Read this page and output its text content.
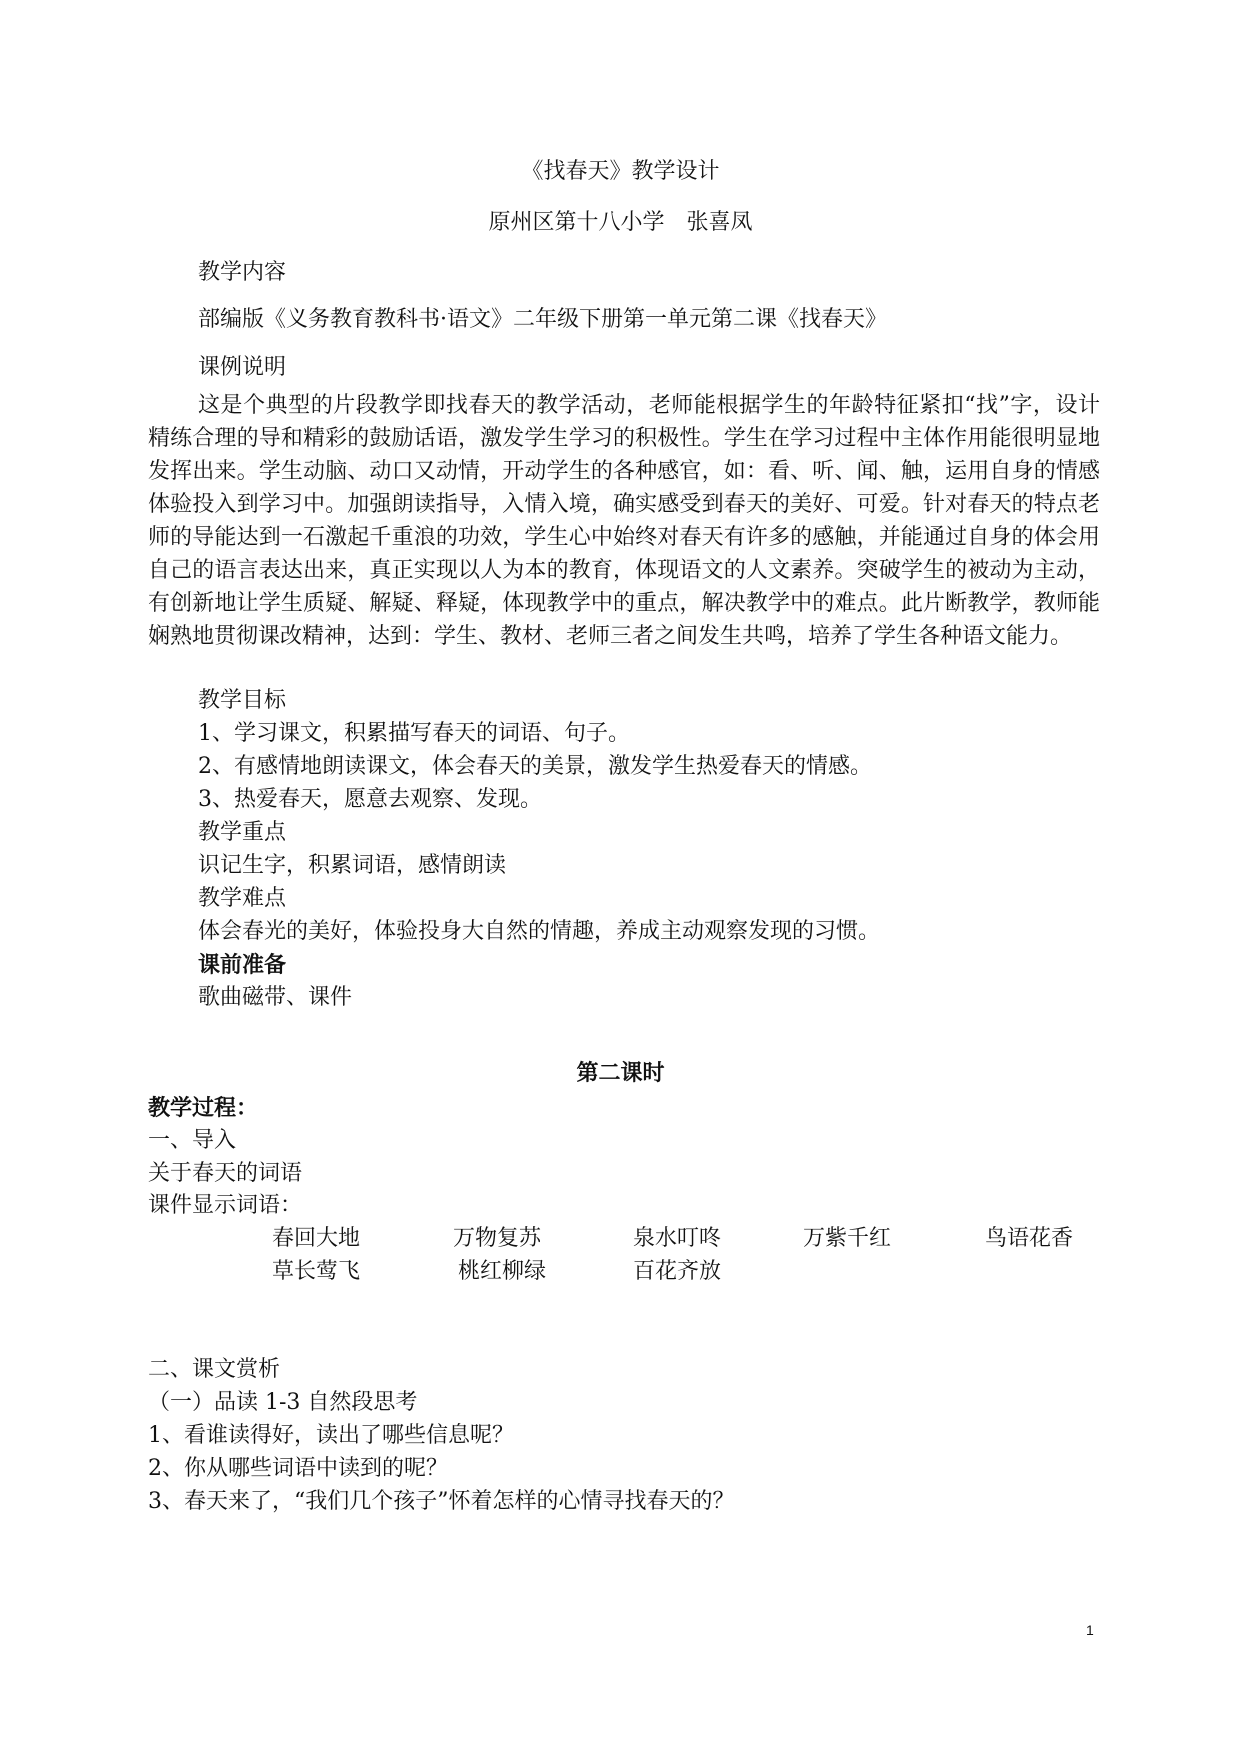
《找春天》教学设计
原州区第十八小学　张喜凤
教学内容
部编版《义务教育教科书·语文》二年级下册第一单元第二课《找春天》
课例说明
这是个典型的片段教学即找春天的教学活动，老师能根据学生的年龄特征紧扣“找”字，设计精练合理的导和精彩的鼓励话语，激发学生学习的积极性。学生在学习过程中主体作用能很明显地发挥出来。学生动脑、动口又动情，开动学生的各种感官，如：看、听、闻、触，运用自身的情感体验投入到学习中。加强朗读指导，入情入境，确实感受到春天的美好、可爱。针对春天的特点老师的导能达到一石激起千重浪的功效，学生心中始终对春天有许多的感触，并能通过自身的体会用自己的语言表达出来，真正实现以人为本的教育，体现语文的人文素养。突破学生的被动为主动，有创新地让学生质疑、解疑、释疑，体现教学中的重点，解决教学中的难点。此片断教学，教师能娴熟地贯彻课改精神，达到：学生、教材、老师三者之间发生共鸣，培养了学生各种语文能力。
教学目标
1、学习课文，积累描写春天的词语、句子。
2、有感情地朗读课文，体会春天的美景，激发学生热爱春天的情感。
3、热爱春天，愿意去观察、发现。
教学重点
识记生字，积累词语，感情朗读
教学难点
体会春光的美好，体验投身大自然的情趣，养成主动观察发现的习惯。
课前准备
歌曲磁带、课件
第二课时
教学过程：
一、导入
关于春天的词语
课件显示词语：
春回大地	万物复苏	泉水叮咚	万紫千红	鸟语花香
草长莺飞	桃红柳绿	百花齐放
二、课文赏析
（一）品读 1-3 自然段思考
1、看谁读得好，读出了哪些信息呢？
2、你从哪些词语中读到的呢？
3、春天来了，“我们几个孩子”怀着怎样的心情寻找春天的？
1
